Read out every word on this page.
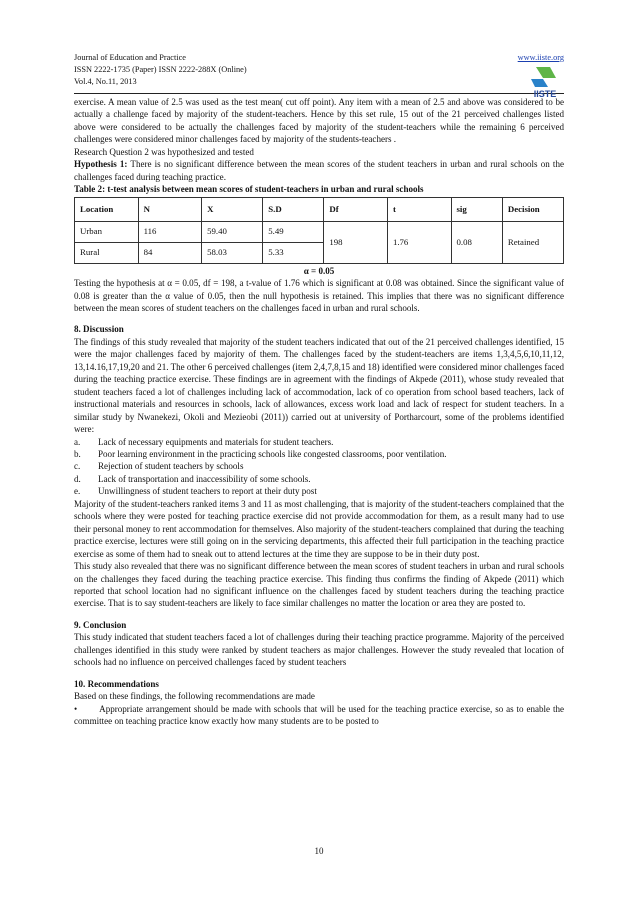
Journal of Education and Practice
ISSN 2222-1735 (Paper) ISSN 2222-288X (Online)
Vol.4, No.11, 2013
www.iiste.org
IISTE

exercise. A mean value of 2.5 was used as the test mean( cut off point). Any item with a mean of 2.5 and above was considered to be actually a challenge faced by majority of the student-teachers. Hence by this set rule, 15 out of the 21 perceived challenges listed above were considered to be actually the challenges faced by majority of the student-teachers while the remaining 6 perceived challenges were considered minor challenges faced by majority of the students-teachers .

Research Question 2 was hypothesized and tested

Hypothesis 1: There is no significant difference between the mean scores of the student teachers in urban and rural schools on the challenges faced during teaching practice.

Table 2: t-test analysis between mean scores of student-teachers in urban and rural schools

Location	N	X	S.D	Df	t	sig	Decision
Urban	116	59.40	5.49	198	1.76	0.08	Retained
Rural	84	58.03	5.33				
α = 0.05

Testing the hypothesis at α = 0.05, df = 198, a t-value of 1.76 which is significant at 0.08 was obtained. Since the significant value of 0.08 is greater than the α value of 0.05, then the null hypothesis is retained. This implies that there was no significant difference between the mean scores of student teachers on the challenges faced in urban and rural schools.

8. Discussion

The findings of this study revealed that majority of the student teachers indicated that out of the 21 perceived challenges identified, 15 were the major challenges faced by majority of them. The challenges faced by the student-teachers are items 1,3,4,5,6,10,11,12, 13,14.16,17,19,20 and 21. The other 6 perceived challenges (item 2,4,7,8,15 and 18) identified were considered minor challenges faced during the teaching practice exercise. These findings are in agreement with the findings of Akpede (2011), whose study revealed that student teachers faced a lot of challenges including lack of accommodation, lack of co operation from school based teachers, lack of instructional materials and resources in schools, lack of allowances, excess work load and lack of respect for student teachers. In a similar study by Nwanekezi, Okoli and Mezieobi (2011)) carried out at university of Portharcourt, some of the problems identified were:

a.	Lack of necessary equipments and materials for student teachers.
b.	Poor learning environment in the practicing schools like congested classrooms, poor ventilation.
c.	Rejection of student teachers by schools
d.	Lack of transportation and inaccessibility of some schools.
e.	Unwillingness of student teachers to report at their duty post

Majority of the student-teachers ranked items 3 and 11 as most challenging, that is majority of the student-teachers complained that the schools where they were posted for teaching practice exercise did not provide accommodation for them, as a result many had to use their personal money to rent accommodation for themselves. Also majority of the student-teachers complained that during the teaching practice exercise, lectures were still going on in the servicing departments, this affected their full participation in the teaching practice exercise as some of them had to sneak out to attend lectures at the time they are suppose to be in their duty post.

This study also revealed that there was no significant difference between the mean scores of student teachers in urban and rural schools on the challenges they faced during the teaching practice exercise. This finding thus confirms the finding of Akpede (2011) which reported that school location had no significant influence on the challenges faced by student teachers during the teaching practice exercise. That is to say student-teachers are likely to face similar challenges no matter the location or area they are posted to.

9. Conclusion

This study indicated that student teachers faced a lot of challenges during their teaching practice programme. Majority of the perceived challenges identified in this study were ranked by student teachers as major challenges. However the study revealed that location of schools had no influence on perceived challenges faced by student teachers

10. Recommendations

Based on these findings, the following recommendations are made

• Appropriate arrangement should be made with schools that will be used for the teaching practice exercise, so as to enable the committee on teaching practice know exactly how many students are to be posted to

10
